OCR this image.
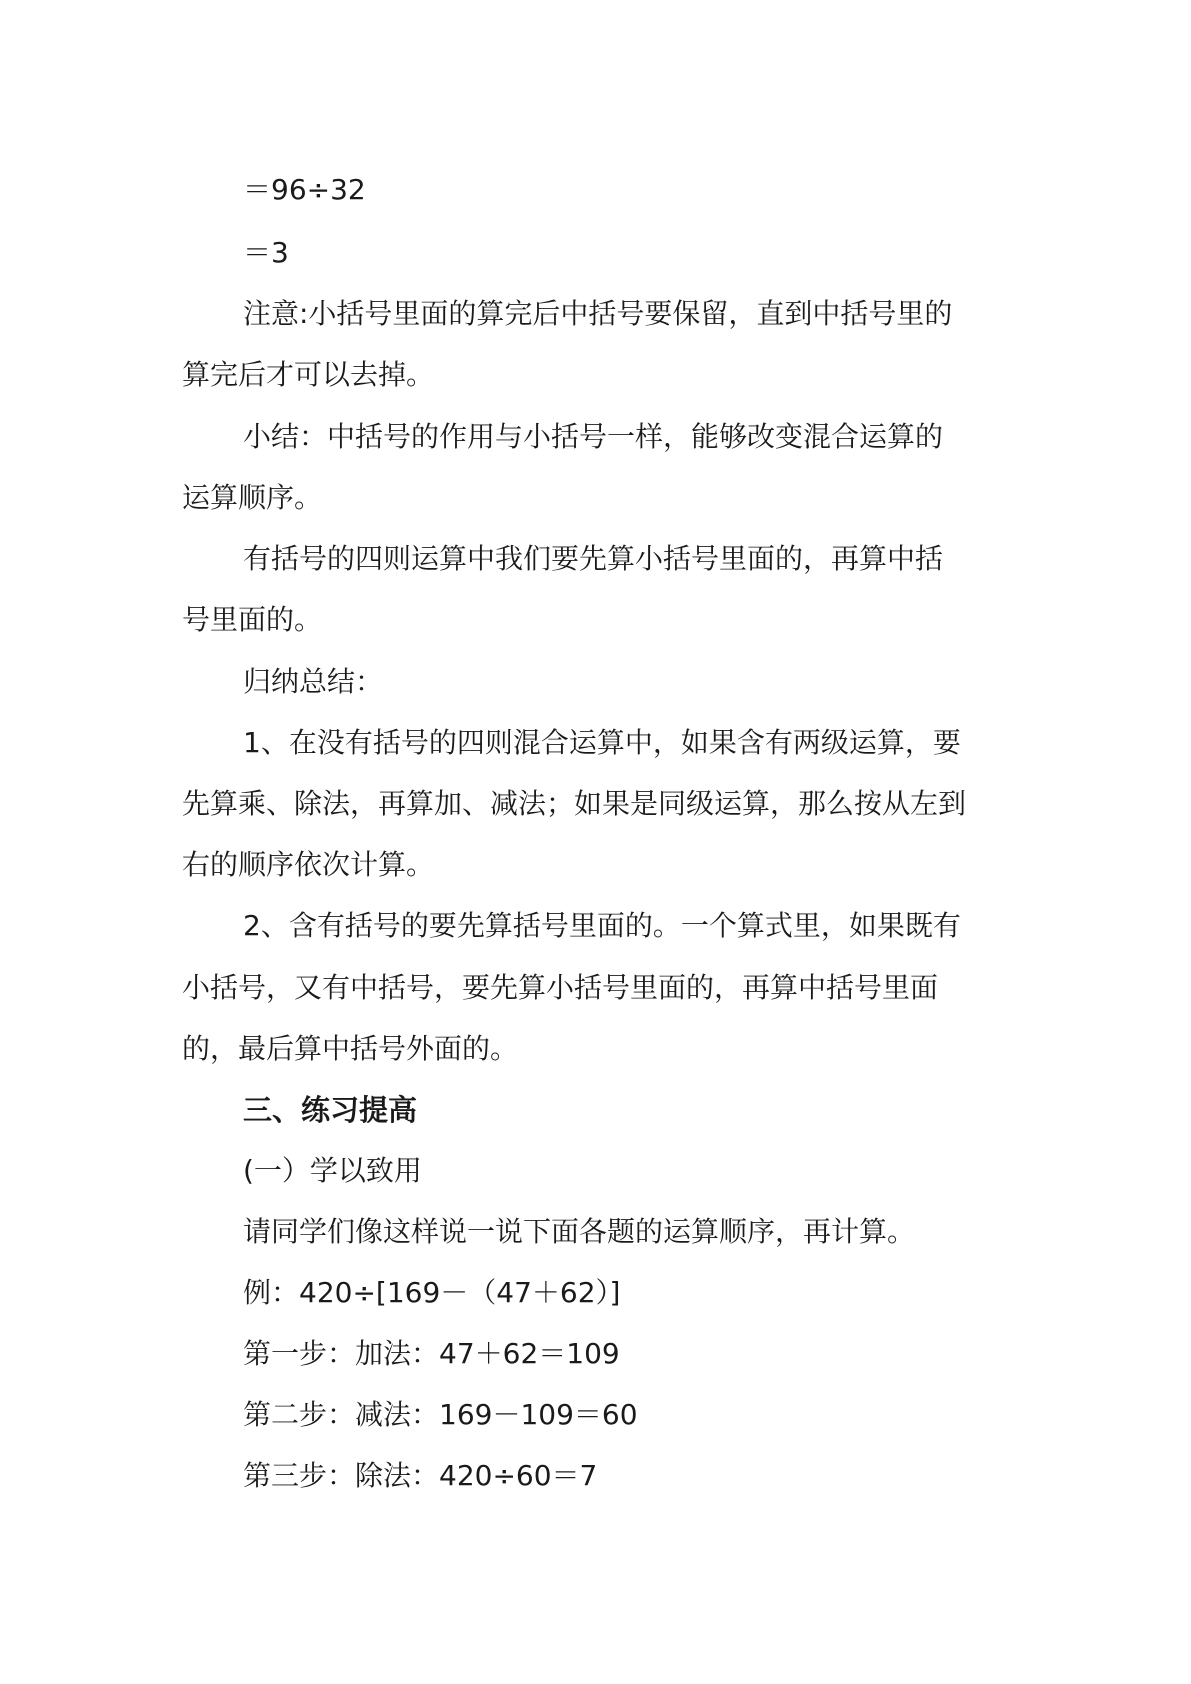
＝96÷32
＝3
注意:小括号里面的算完后中括号要保留，直到中括号里的
算完后才可以去掉。
小结：中括号的作用与小括号一样，能够改变混合运算的
运算顺序。
有括号的四则运算中我们要先算小括号里面的，再算中括
号里面的。
归纳总结：
1、在没有括号的四则混合运算中，如果含有两级运算，要
先算乘、除法，再算加、减法；如果是同级运算，那么按从左到
右的顺序依次计算。
2、含有括号的要先算括号里面的。一个算式里，如果既有
小括号，又有中括号，要先算小括号里面的，再算中括号里面
的，最后算中括号外面的。
三、练习提高
(一）学以致用
请同学们像这样说一说下面各题的运算顺序，再计算。
例：420÷[169－（47＋62）]
第一步：加法：47＋62＝109
第二步：减法：169－109＝60
第三步：除法：420÷60＝7
